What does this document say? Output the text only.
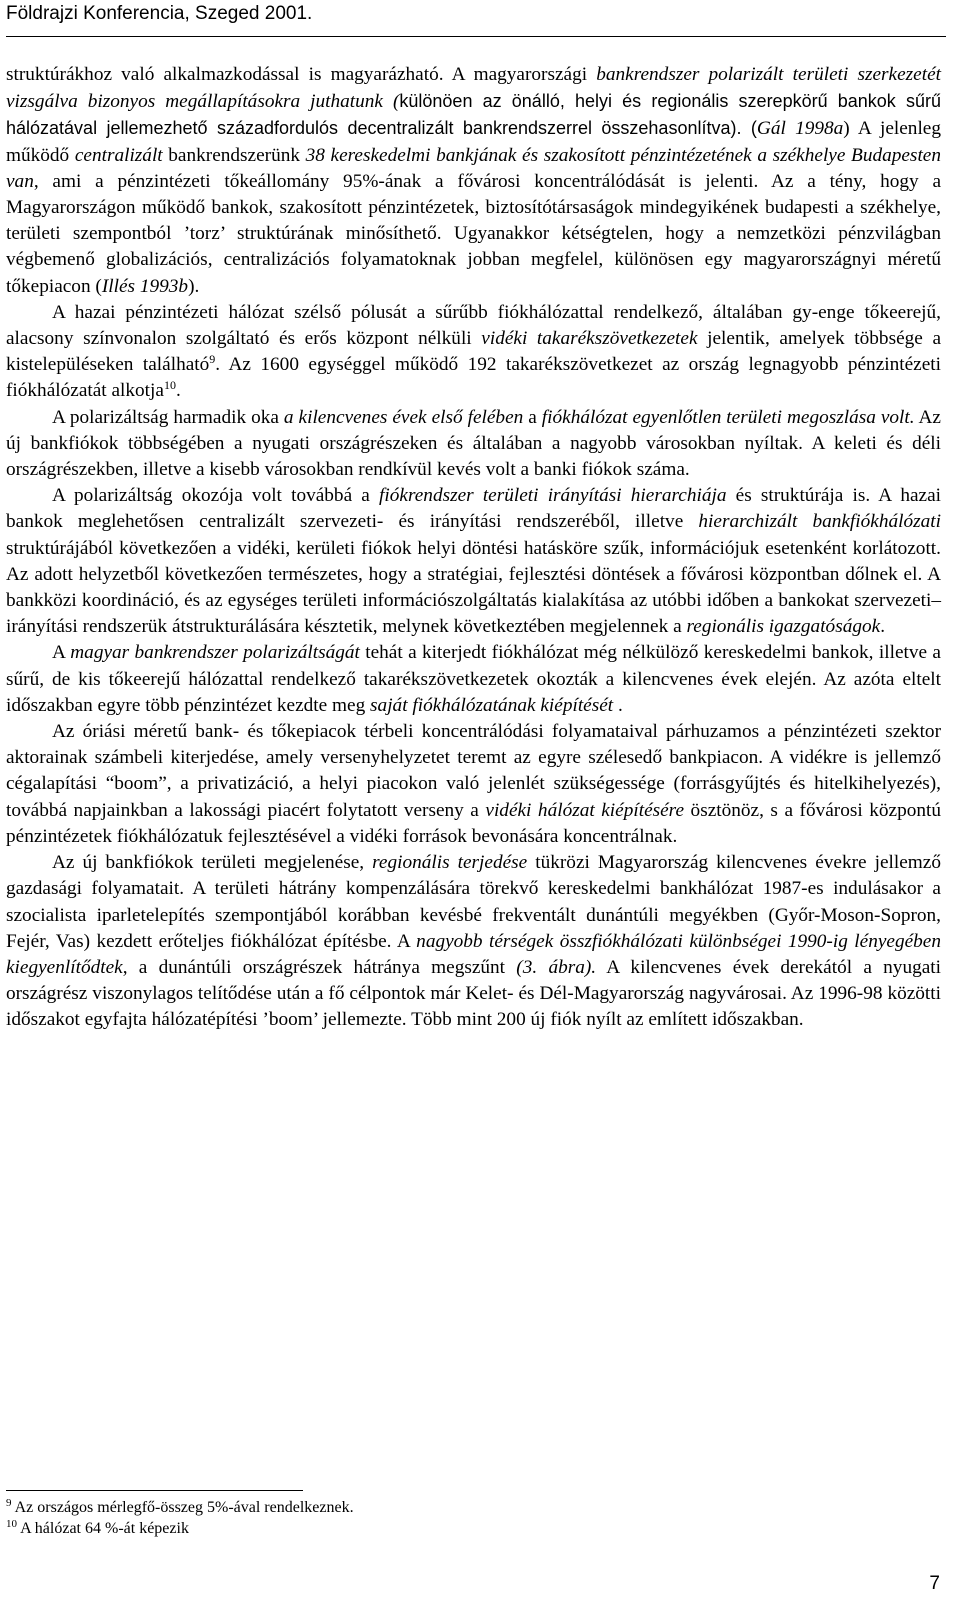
Földrajzi Konferencia, Szeged 2001.

struktúrákhoz való alkalmazkodással is magyarázható. A magyarországi bankrendszer polarizált területi szerkezetét vizsgálva bizonyos megállapításokra juthatunk (különöen az önálló, helyi és regionális szerepkörű bankok sűrű hálózatával jellemezhető századfordulós decentralizált bankrendszerrel összehasonlítva). (Gál 1998a) A jelenleg működő centralizált bankrendszerünk 38 kereskedelmi bankjának és szakosított pénzintézetének a székhelye Budapesten van, ami a pénzintézeti tőkeállomány 95%-ának a fővárosi koncentrálódását is jelenti. Az a tény, hogy a Magyarországon működő bankok, szakosított pénzintézetek, biztosítótársaságok mindegyikének budapesti a székhelye, területi szempontból ’torz’ struktúrának minősíthető. Ugyanakkor kétségtelen, hogy a nemzetközi pénzvilágban végbemenő globalizációs, centralizációs folyamatoknak jobban megfelel, különösen egy magyarországnyi méretű tőkepiacon (Illés 1993b).

A hazai pénzintézeti hálózat szélső pólusát a sűrűbb fiókhálózattal rendelkező, általában gy-enge tőkeerejű, alacsony színvonalon szolgáltató és erős központ nélküli vidéki takarékszövetkezetek jelentik, amelyek többsége a kistelepüléseken található$^9$. Az 1600 egységgel működő 192 takarékszövetkezet az ország legnagyobb pénzintézeti fiókhálózatát alkotja$^{10}$.

A polarizáltság harmadik oka a kilencvenes évek első felében a fiókhálózat egyenlőtlen területi megoszlása volt. Az új bankfiókok többségében a nyugati országrészeken és általában a nagyobb városokban nyíltak. A keleti és déli országrészekben, illetve a kisebb városokban rendkívül kevés volt a banki fiókok száma.

A polarizáltság okozója volt továbbá a fiókrendszer területi irányítási hierarchiája és struktúrája is. A hazai bankok meglehetősen centralizált szervezeti- és irányítási rendszeréből, illetve hierarchizált bankfiókhálózati struktúrájából következően a vidéki, kerületi fiókok helyi döntési hatásköre szűk, információjuk esetenként korlátozott. Az adott helyzetből következően természetes, hogy a stratégiai, fejlesztési döntések a fővárosi központban dőlnek el. A bankközi koordináció, és az egységes területi információszolgáltatás kialakítása az utóbbi időben a bankokat szervezeti–irányítási rendszerük átstrukturálására késztetik, melynek következtében megjelennek a regionális igazgatóságok.

A magyar bankrendszer polarizáltságát tehát a kiterjedt fiókhálózat még nélkülöző kereskedelmi bankok, illetve a sűrű, de kis tőkeerejű hálózattal rendelkező takarékszövetkezetek okozták a kilencvenes évek elején. Az azóta eltelt időszakban egyre több pénzintézet kezdte meg saját fiókhálózatának kiépítését .

Az óriási méretű bank- és tőkepiacok térbeli koncentrálódási folyamataival párhuzamos a pénzintézeti szektor aktorainak számbeli kiterjedése, amely versenyhelyzetet teremt az egyre szélesedő bankpiacon. A vidékre is jellemző cégalapítási “boom”, a privatizáció, a helyi piacokon való jelenlét szükségessége (forrásgyűjtés és hitelkihelyezés), továbbá napjainkban a lakossági piacért folytatott verseny a vidéki hálózat kiépítésére ösztönöz, s a fővárosi központú pénzintézetek fiókhálózatuk fejlesztésével a vidéki források bevonására koncentrálnak.

Az új bankfiókok területi megjelenése, regionális terjedése tükrözi Magyarország kilencvenes évekre jellemző gazdasági folyamatait. A területi hátrány kompenzálására törekvő kereskedelmi bankhálózat 1987-es indulásakor a szocialista iparletelepítés szempontjából korábban kevésbé frekventált dunántúli megyékben (Győr-Moson-Sopron, Fejér, Vas) kezdett erőteljes fiókhálózat építésbe. A nagyobb térségek összfiókhálózati különbségei 1990-ig lényegében kiegyenlítődtek, a dunántúli országrészek hátránya megszűnt (3. ábra). A kilencvenes évek derekától a nyugati országrész viszonylagos telítődése után a fő célpontok már Kelet- és Dél-Magyarország nagyvárosai. Az 1996-98 közötti időszakot egyfajta hálózatépítési ’boom’ jellemezte. Több mint 200 új fiók nyílt az említett időszakban.

$^9$ Az országos mérlegfő-összeg 5%-ával rendelkeznek.
$^{10}$ A hálózat 64 %-át képezik
7
